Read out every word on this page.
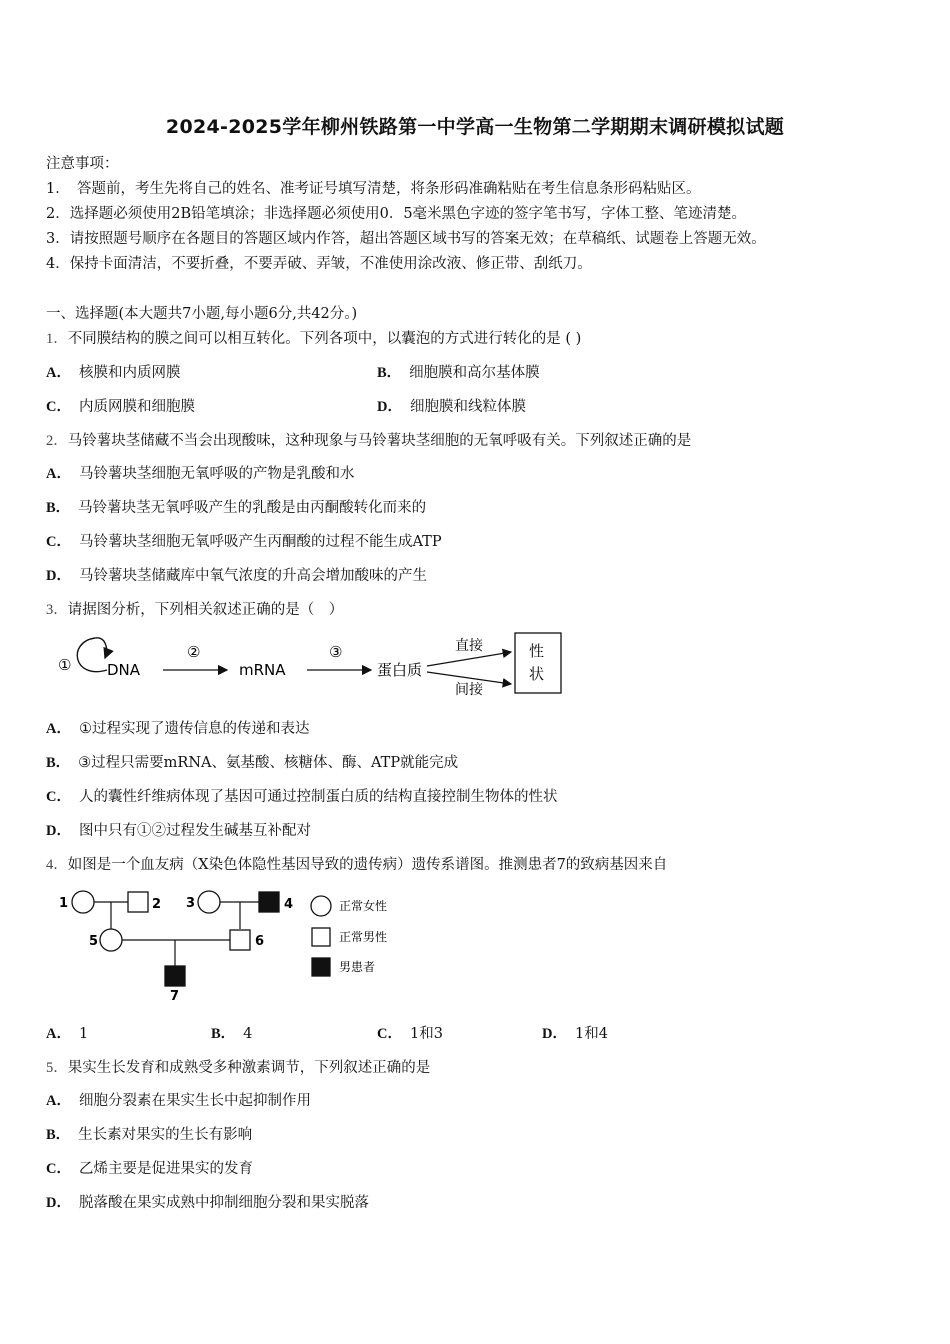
2024-2025学年柳州铁路第一中学高一生物第二学期期末调研模拟试题
注意事项：
1．　答题前，考生先将自己的姓名、准考证号填写清楚，将条形码准确粘贴在考生信息条形码粘贴区。
2．选择题必须使用2B铅笔填涂；非选择题必须使用0．5毫米黑色字迹的签字笔书写，字体工整、笔迹清楚。
3．请按照题号顺序在各题目的答题区域内作答，超出答题区域书写的答案无效；在草稿纸、试题卷上答题无效。
4．保持卡面清洁，不要折叠，不要弄破、弄皱，不准使用涂改液、修正带、刮纸刀。
一、选择题(本大题共7小题,每小题6分,共42分。)
1．不同膜结构的膜之间可以相互转化。下列各项中，以囊泡的方式进行转化的是 ( )
A． 核膜和内质网膜	B． 细胞膜和高尔基体膜
C． 内质网膜和细胞膜	D． 细胞膜和线粒体膜
2．马铃薯块茎储藏不当会出现酸味，这种现象与马铃薯块茎细胞的无氧呼吸有关。下列叙述正确的是
A． 马铃薯块茎细胞无氧呼吸的产物是乳酸和水
B． 马铃薯块茎无氧呼吸产生的乳酸是由丙酮酸转化而来的
C． 马铃薯块茎细胞无氧呼吸产生丙酮酸的过程不能生成ATP
D． 马铃薯块茎储藏库中氧气浓度的升高会增加酸味的产生
3．请据图分析，下列相关叙述正确的是（　）
① DNA
②
mRNA
③
蛋白质
直接
间接
性
状
A． ①过程实现了遗传信息的传递和表达
B． ③过程只需要mRNA、氨基酸、核糖体、酶、ATP就能完成
C． 人的囊性纤维病体现了基因可通过控制蛋白质的结构直接控制生物体的性状
D． 图中只有①②过程发生碱基互补配对
4．如图是一个血友病（X染色体隐性基因导致的遗传病）遗传系谱图。推测患者7的致病基因来自
1	2 3	4
5	6
7
正常女性
正常男性
男患者
A． 1	B． 4	C． 1和3	D． 1和4
5．果实生长发育和成熟受多种激素调节，下列叙述正确的是
A． 细胞分裂素在果实生长中起抑制作用
B． 生长素对果实的生长有影响
C． 乙烯主要是促进果实的发育
D． 脱落酸在果实成熟中抑制细胞分裂和果实脱落
